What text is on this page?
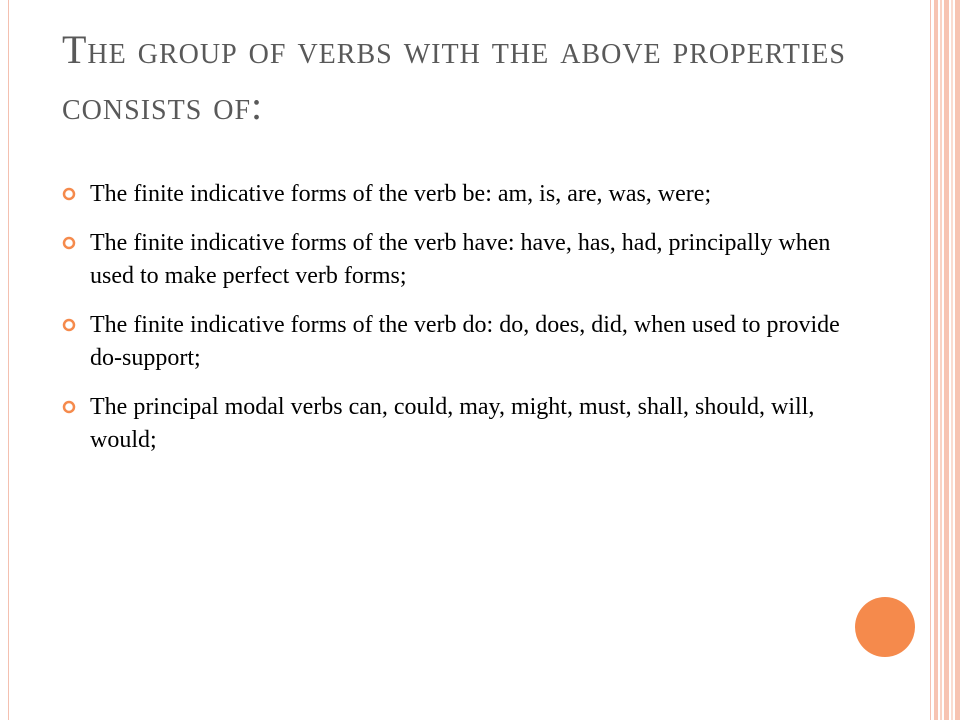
The group of verbs with the above properties consists of:
The finite indicative forms of the verb be: am, is, are, was, were;
The finite indicative forms of the verb have: have, has, had, principally when used to make perfect verb forms;
The finite indicative forms of the verb do: do, does, did, when used to provide do-support;
The principal modal verbs can, could, may, might, must, shall, should, will, would;
